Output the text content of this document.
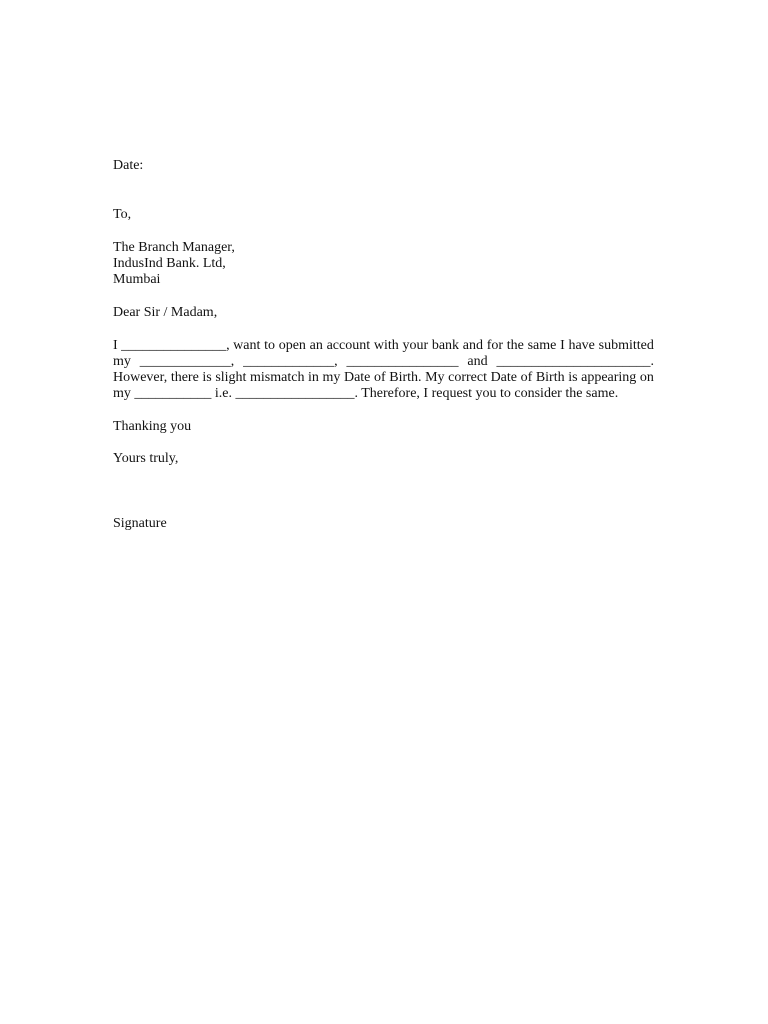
Date:
To,
The Branch Manager,
IndusInd Bank. Ltd,
Mumbai
Dear Sir / Madam,
I _______________, want to open an account with your bank and for the same I have submitted
my _____________, _____________, ________________ and ______________________.
However, there is slight mismatch in my Date of Birth. My correct Date of Birth is appearing on
my ___________ i.e. _________________. Therefore, I request you to consider the same.
Thanking you
Yours truly,
Signature
